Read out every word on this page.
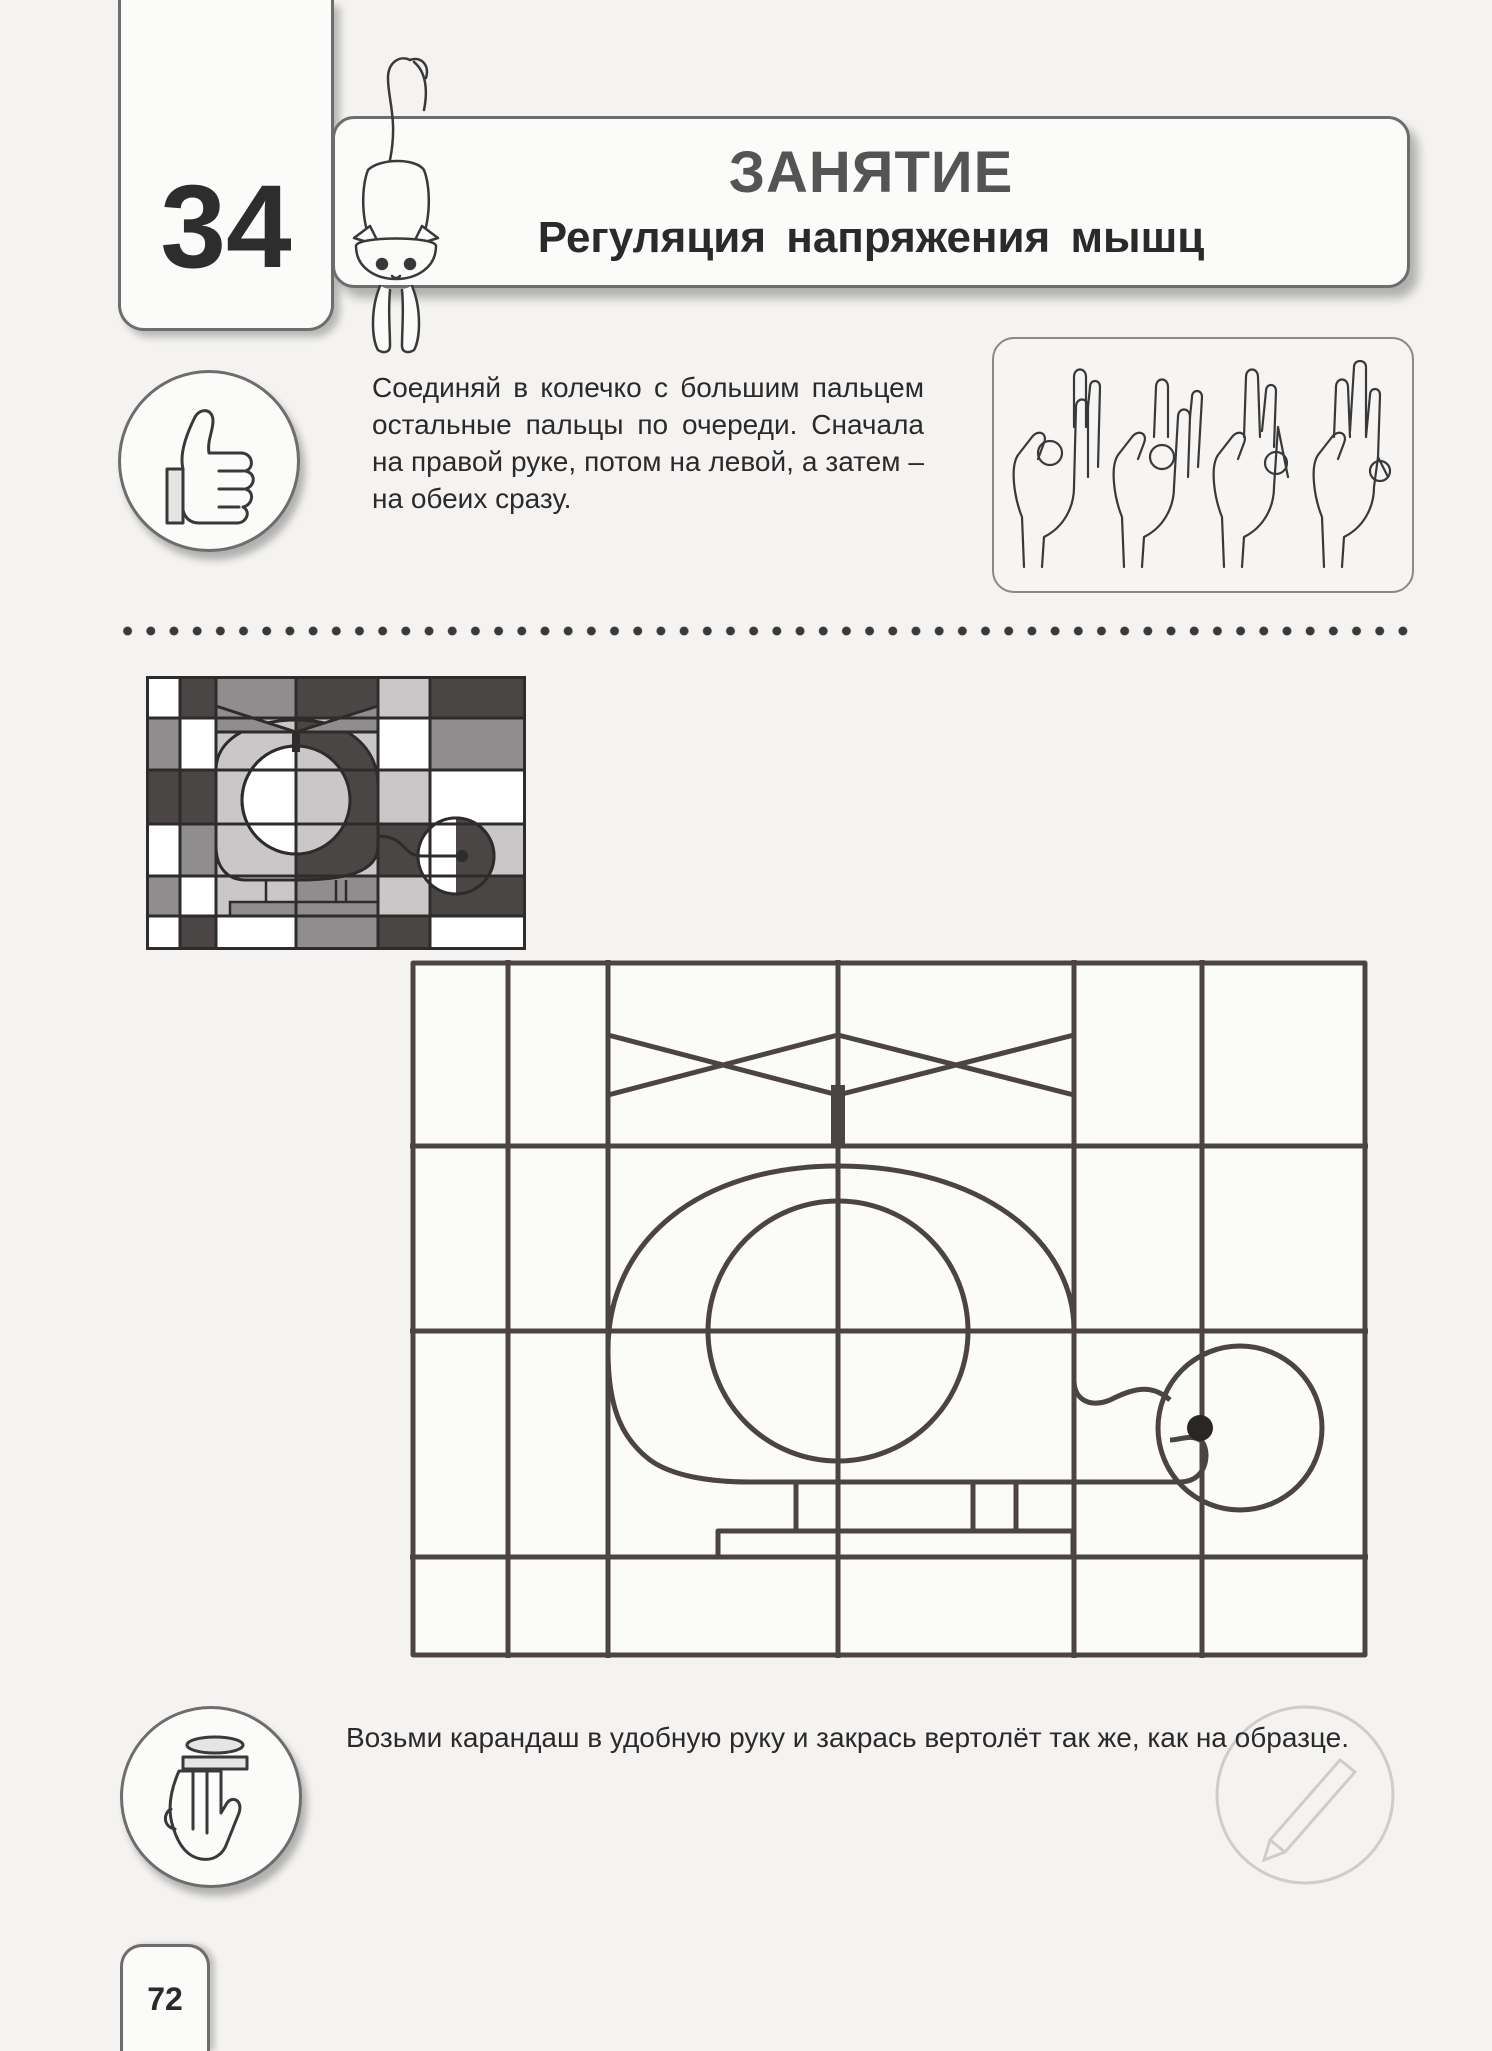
34	ЗАНЯТИЕ
Регуляция напряжения мышц
Соединяй в колечко с большим пальцем остальные пальцы по очереди. Сначала на правой руке, потом на левой, а затем – на обеих сразу.
Возьми карандаш в удобную руку и закрась вертолёт так же, как на образце.
72
